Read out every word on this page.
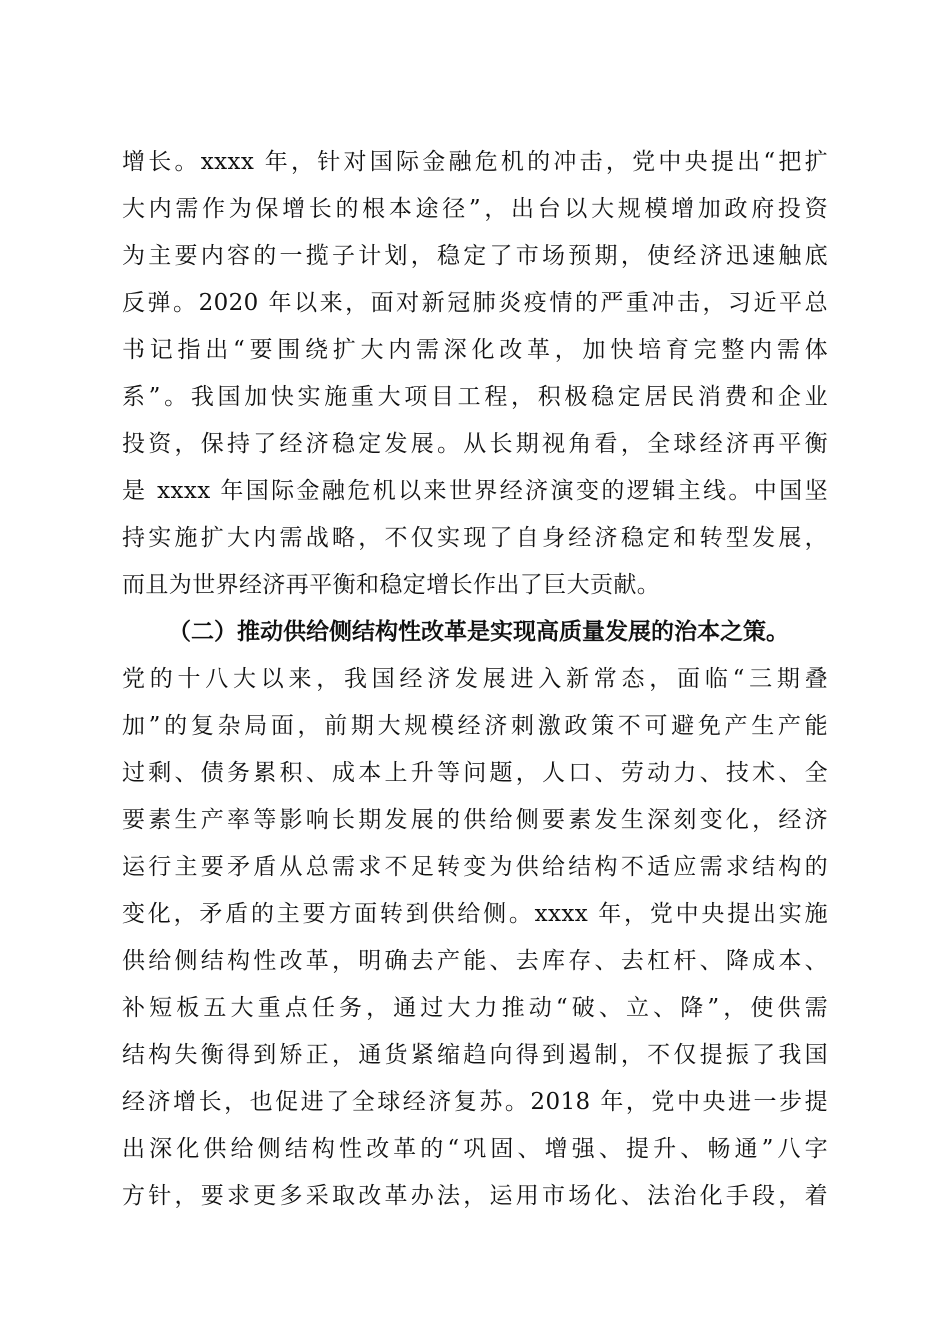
增长。xxxx 年，针对国际金融危机的冲击，党中央提出“把扩
大内需作为保增长的根本途径”，出台以大规模增加政府投资
为主要内容的一揽子计划，稳定了市场预期，使经济迅速触底
反弹。2020 年以来，面对新冠肺炎疫情的严重冲击，习近平总
书记指出“要围绕扩大内需深化改革，加快培育完整内需体
系”。我国加快实施重大项目工程，积极稳定居民消费和企业
投资，保持了经济稳定发展。从长期视角看，全球经济再平衡
是 xxxx 年国际金融危机以来世界经济演变的逻辑主线。中国坚
持实施扩大内需战略，不仅实现了自身经济稳定和转型发展，
而且为世界经济再平衡和稳定增长作出了巨大贡献。
（二）推动供给侧结构性改革是实现高质量发展的治本之策。
党的十八大以来，我国经济发展进入新常态，面临“三期叠
加”的复杂局面，前期大规模经济刺激政策不可避免产生产能
过剩、债务累积、成本上升等问题，人口、劳动力、技术、全
要素生产率等影响长期发展的供给侧要素发生深刻变化，经济
运行主要矛盾从总需求不足转变为供给结构不适应需求结构的
变化，矛盾的主要方面转到供给侧。xxxx 年，党中央提出实施
供给侧结构性改革，明确去产能、去库存、去杠杆、降成本、
补短板五大重点任务，通过大力推动“破、立、降”，使供需
结构失衡得到矫正，通货紧缩趋向得到遏制，不仅提振了我国
经济增长，也促进了全球经济复苏。2018 年，党中央进一步提
出深化供给侧结构性改革的“巩固、增强、提升、畅通”八字
方针，要求更多采取改革办法，运用市场化、法治化手段，着
